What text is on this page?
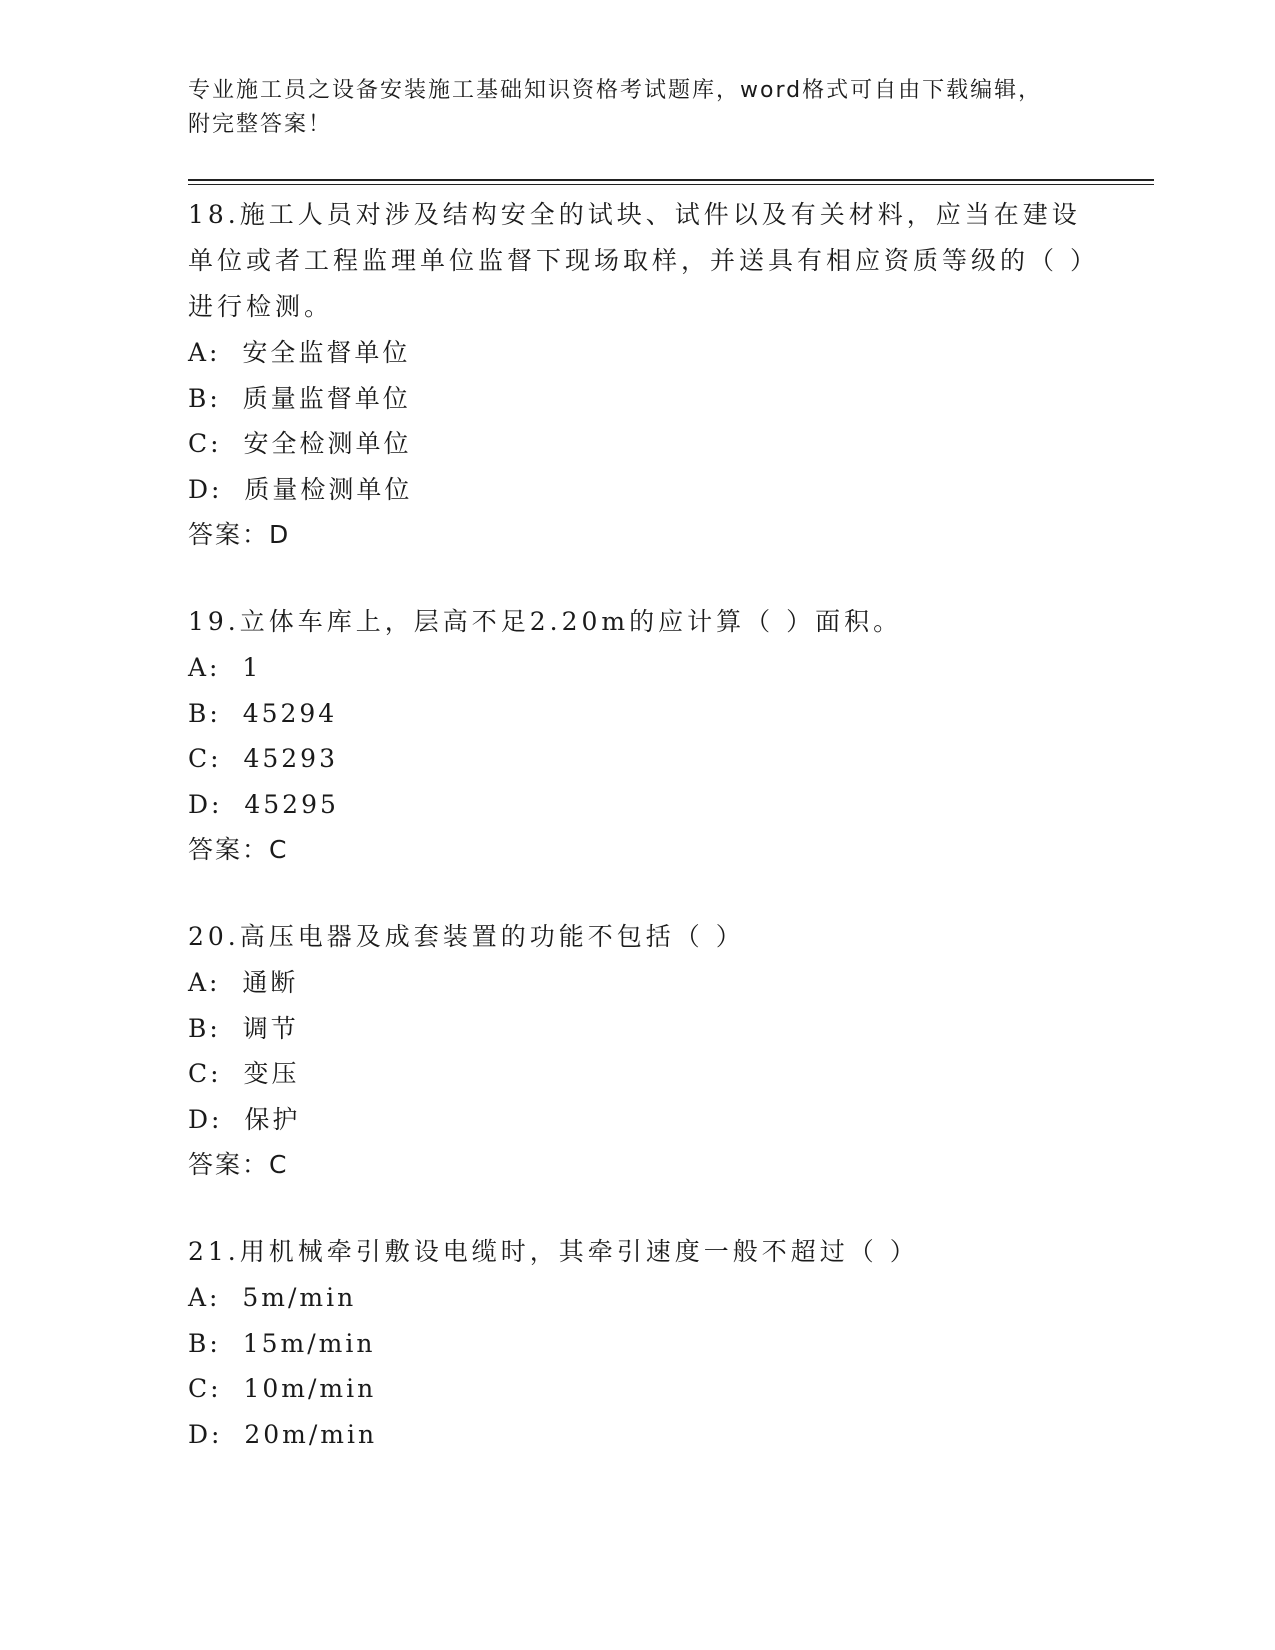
专业施工员之设备安装施工基础知识资格考试题库，word格式可自由下载编辑，
附完整答案！

18.施工人员对涉及结构安全的试块、试件以及有关材料，应当在建设单位或者工程监理单位监督下现场取样，并送具有相应资质等级的（ ）进行检测。

A:  安全监督单位

B:  质量监督单位

C:  安全检测单位

D:  质量检测单位

答案：D

19.立体车库上，层高不足2.20m的应计算（ ）面积。

A:  1

B:  45294

C:  45293

D:  45295

答案：C

20.高压电器及成套装置的功能不包括（ ）

A:  通断

B:  调节

C:  变压

D:  保护

答案：C

21.用机械牵引敷设电缆时，其牵引速度一般不超过（ ）

A:  5m/min

B:  15m/min

C:  10m/min

D:  20m/min
